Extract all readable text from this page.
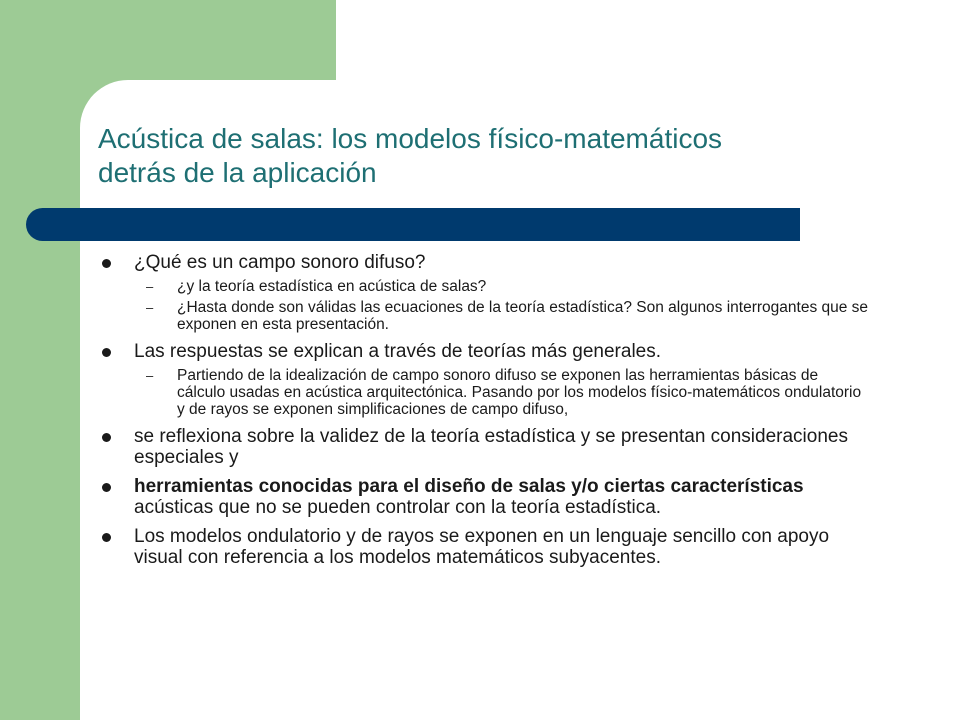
Acústica de salas: los modelos físico-matemáticos
detrás de la aplicación
¿Qué es un campo sonoro difuso?
– ¿y la teoría estadística en acústica de salas?
– ¿Hasta donde son válidas las ecuaciones de la teoría estadística? Son algunos interrogantes que se exponen en esta presentación.
Las respuestas se explican a través de teorías más generales.
– Partiendo de la idealización de campo sonoro difuso se exponen las herramientas básicas de cálculo usadas en acústica arquitectónica. Pasando por los modelos físico-matemáticos ondulatorio y de rayos se exponen simplificaciones de campo difuso,
se reflexiona sobre la validez de la teoría estadística y se presentan consideraciones especiales y
herramientas conocidas para el diseño de salas y/o ciertas características acústicas que no se pueden controlar con la teoría estadística.
Los modelos ondulatorio y de rayos se exponen en un lenguaje sencillo con apoyo visual con referencia a los modelos matemáticos subyacentes.
